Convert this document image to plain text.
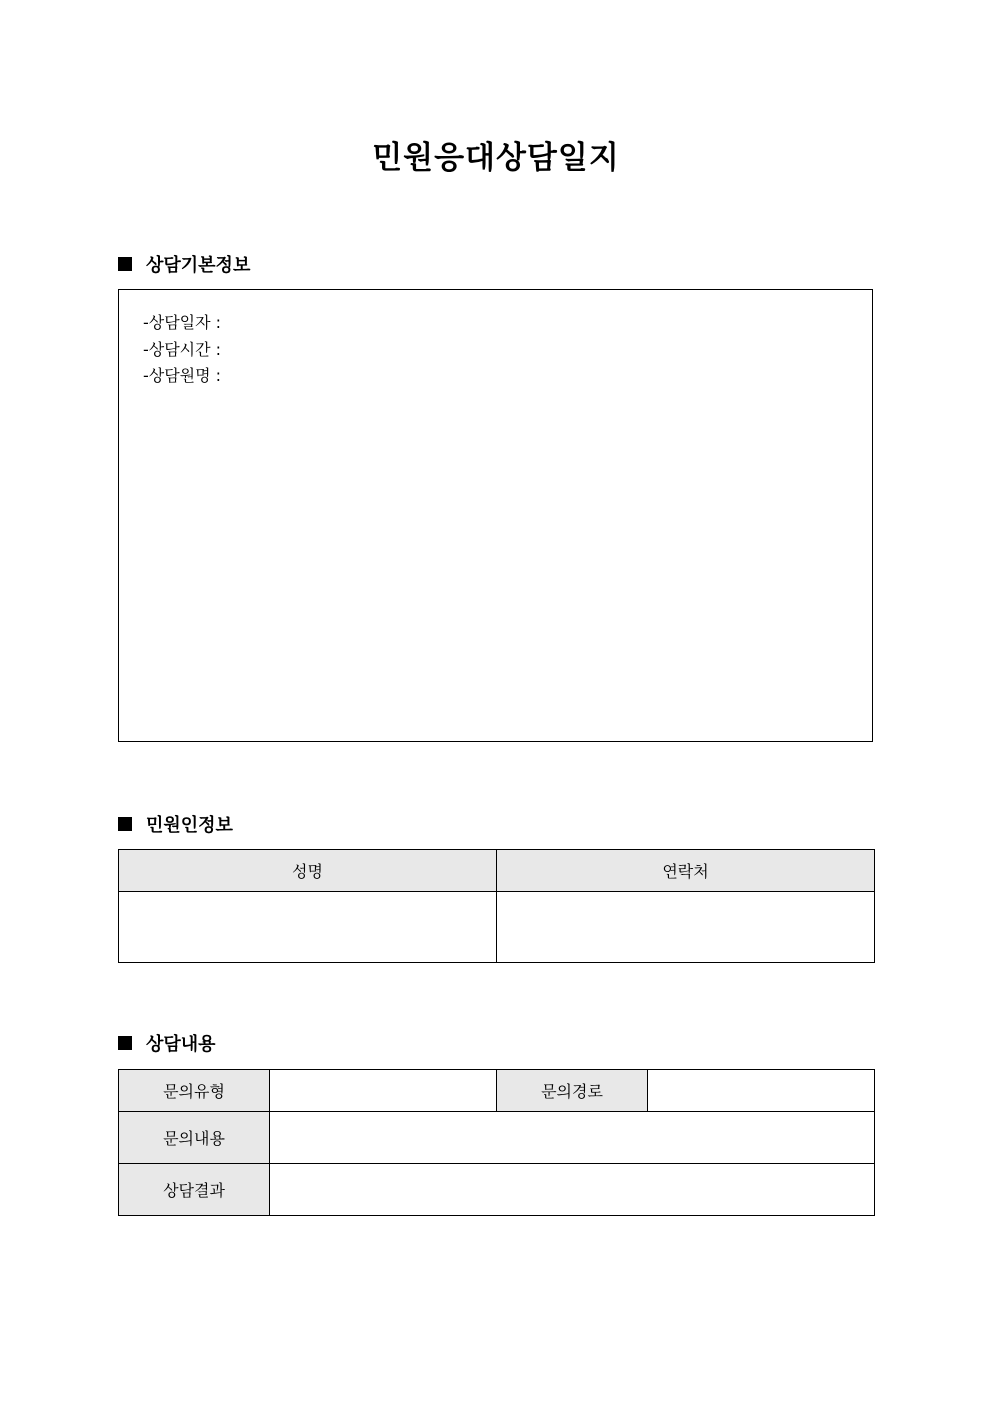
민원응대상담일지
상담기본정보
-상담일자 :
-상담시간 :
-상담원명 :
민원인정보
성명	연락처

상담내용
문의유형		문의경로	
문의내용			
상담결과			
